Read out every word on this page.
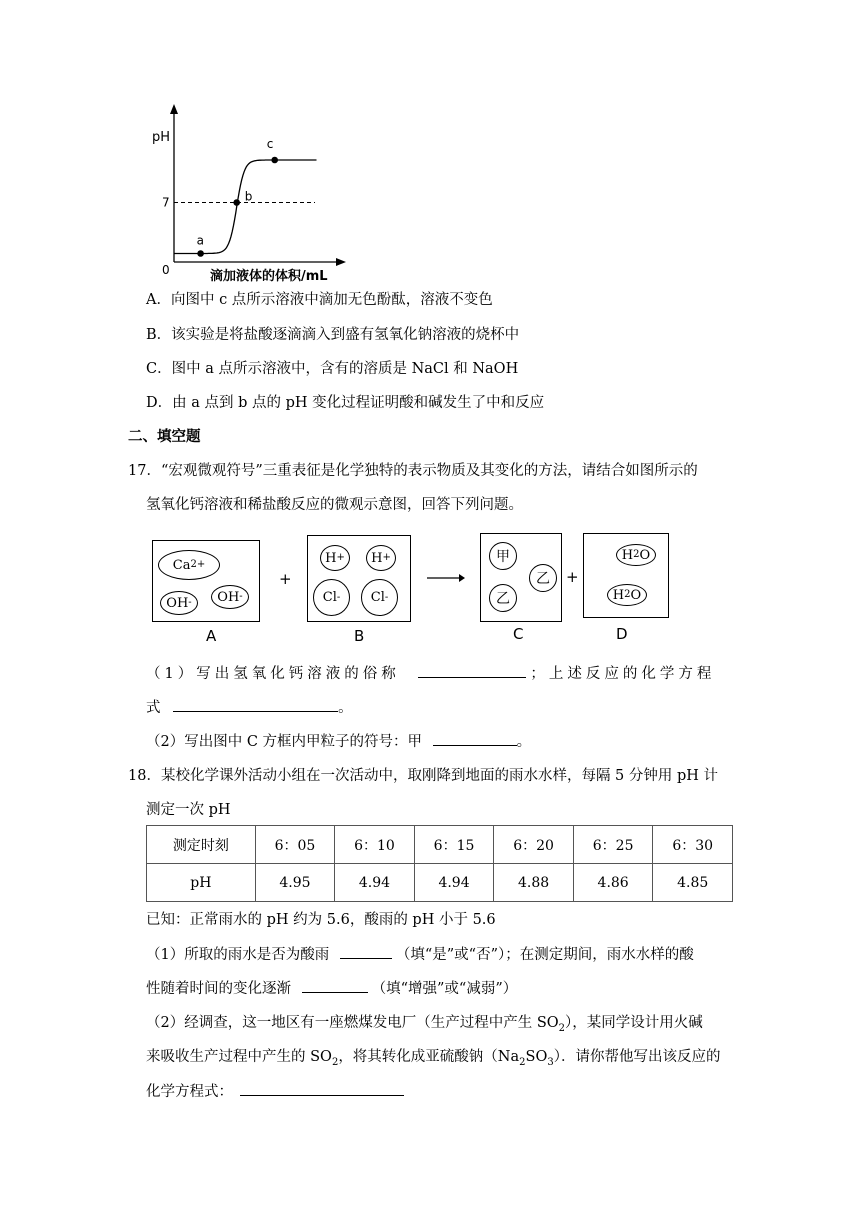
pH
7
0
a
b
c
滴加液体的体积/mL
A．向图中 c 点所示溶液中滴加无色酚酞，溶液不变色
B．该实验是将盐酸逐滴滴入到盛有氢氧化钠溶液的烧杯中
C．图中 a 点所示溶液中，含有的溶质是 NaCl 和 NaOH
D．由 a 点到 b 点的 pH 变化过程证明酸和碱发生了中和反应
二、填空题
17．“宏观微观符号”三重表征是化学独特的表示物质及其变化的方法，请结合如图所示的
氢氧化钙溶液和稀盐酸反应的微观示意图，回答下列问题。
Ca 2+
OH - OH -
A
+
H + H +
Cl - Cl -
B
甲
乙
乙
C
+
H 2 O
H 2 O
D
（1）写出氢氧化钙溶液的俗称	；上述反应的化学方程
式	。
（2）写出图中 C 方框内甲粒子的符号：甲	。
18．某校化学课外活动小组在一次活动中，取刚降到地面的雨水水样，每隔 5 分钟用 pH 计
测定一次 pH
测定时刻	6：05	6：10	6：15	6：20	6：25	6：30
pH	4.95	4.94	4.94	4.88	4.86	4.85
已知：正常雨水的 pH 约为 5.6，酸雨的 pH 小于 5.6
（1）所取的雨水是否为酸雨	（填“是”或“否”）；在测定期间，雨水水样的酸
性随着时间的变化逐渐	（填“增强”或“减弱”）
（2）经调查，这一地区有一座燃煤发电厂（生产过程中产生 $SO_2$），某同学设计用火碱
来吸收生产过程中产生的 $SO_2$，将其转化成亚硫酸钠$(Na_2SO_3)$．请你帮他写出该反应的
化学方程式：
